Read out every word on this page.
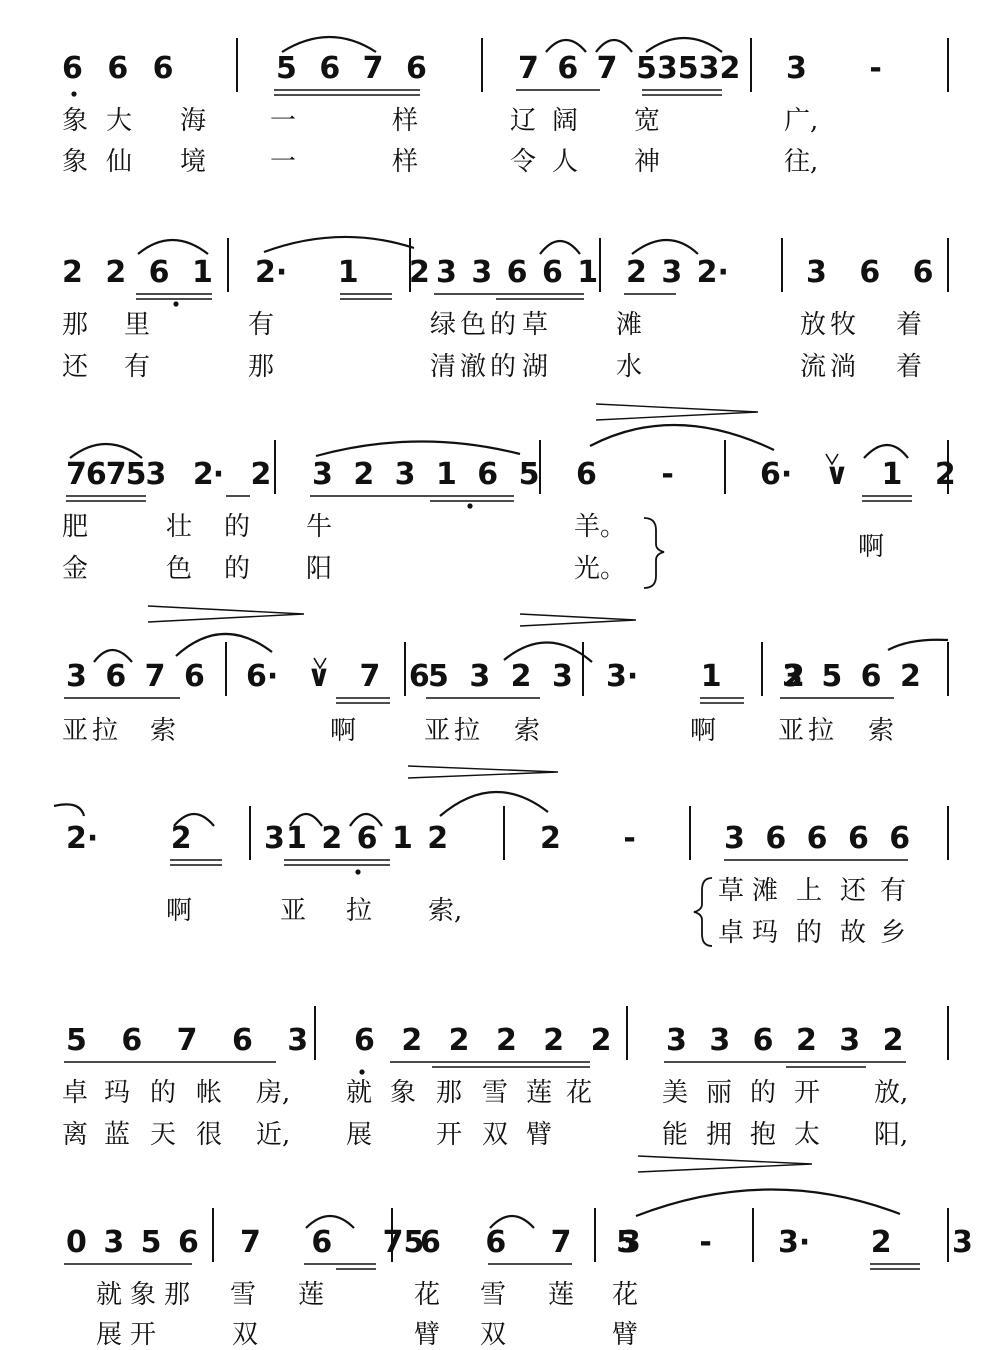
6 6 6	5 6 7 6	7 6 7 53532 3 -
象 大 海 一	样	辽 阔 宽	广,
象 仙 境 一	样	令 人 神	往,
2 2 6 1 2· 1 2 3 3 6 6 1 2 3 2·	3 6 6
那 里	有	绿 色 的 草	滩	放 牧 着
还 有	那	清 澈 的 湖	水	流 淌 着
76753 2· 2 3 2 3 1 6 5 6 -	6· ∨ 1 2
肥	壮 的 牛	羊。
金	色 的 阳	光。
啊
3 6 7 6 6· ∨ 7 6
5 3 2 3 3· 1 2
3 5 6 2
亚 拉 索	啊	亚 拉 索	啊 亚 拉 索
2· 2 3 1 2 6 1 2	2 -	3 6 6 6 6
啊	亚 拉 索,
草 滩 上 还 有
卓 玛 的 故 乡
5 6 7 6 3 6 2 2 2 2 2 3 3 6 2 3 2
卓 玛 的 帐 房, 就 象 那 雪 莲 花	美 丽 的 开 放,
离 蓝 天 很 近, 展 开 双 臂	能 拥 抱 太 阳,
0 3 5 6 7 6 75
6 6 7 5
3 - 3· 2 3
就 象 那 雪 莲	花 雪 莲 花
展 开	双	臂 双	臂
